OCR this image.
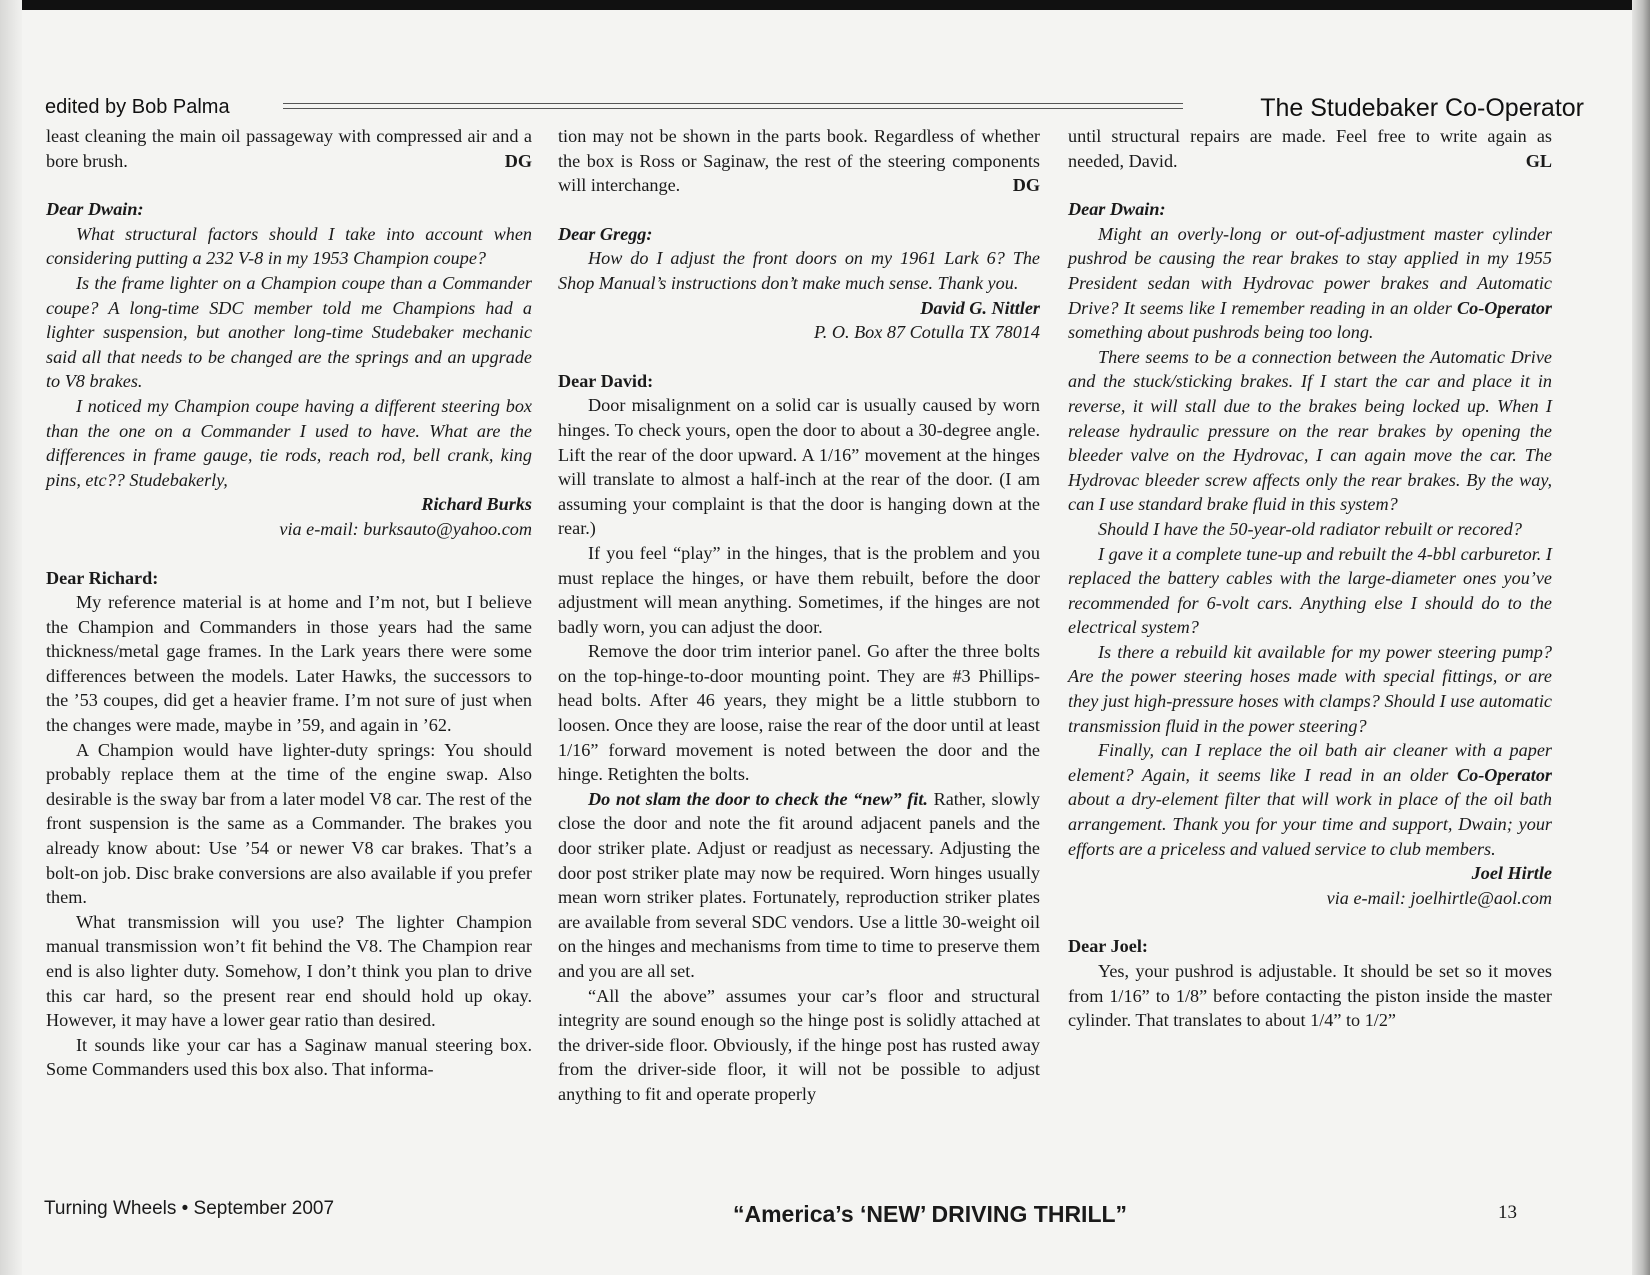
edited by Bob Palma	The Studebaker Co-Operator

least cleaning the main oil passageway with compressed air and a bore brush.	DG

Dear Dwain:

What structural factors should I take into account when considering putting a 232 V-8 in my 1953 Champion coupe?

Is the frame lighter on a Champion coupe than a Commander coupe? A long-time SDC member told me Champions had a lighter suspension, but another long-time Studebaker mechanic said all that needs to be changed are the springs and an upgrade to V8 brakes.

I noticed my Champion coupe having a different steering box than the one on a Commander I used to have. What are the differences in frame gauge, tie rods, reach rod, bell crank, king pins, etc?? Studebakerly,

Richard Burks

via e-mail: burksauto@yahoo.com

Dear Richard:

My reference material is at home and I’m not, but I believe the Champion and Commanders in those years had the same thickness/metal gage frames. In the Lark years there were some differences between the models. Later Hawks, the successors to the ’53 coupes, did get a heavier frame. I’m not sure of just when the changes were made, maybe in ’59, and again in ’62.

A Champion would have lighter-duty springs: You should probably replace them at the time of the engine swap. Also desirable is the sway bar from a later model V8 car. The rest of the front suspension is the same as a Commander. The brakes you already know about: Use ’54 or newer V8 car brakes. That’s a bolt-on job. Disc brake conversions are also available if you prefer them.

What transmission will you use? The lighter Champion manual transmission won’t fit behind the V8. The Champion rear end is also lighter duty. Somehow, I don’t think you plan to drive this car hard, so the present rear end should hold up okay. However, it may have a lower gear ratio than desired.

It sounds like your car has a Saginaw manual steering box. Some Commanders used this box also. That informa-

tion may not be shown in the parts book. Regardless of whether the box is Ross or Saginaw, the rest of the steering components will interchange.	DG

Dear Gregg:

How do I adjust the front doors on my 1961 Lark 6? The Shop Manual’s instructions don’t make much sense. Thank you.

David G. Nittler

P. O. Box 87 Cotulla TX 78014

Dear David:

Door misalignment on a solid car is usually caused by worn hinges. To check yours, open the door to about a 30-degree angle. Lift the rear of the door upward. A 1/16” movement at the hinges will translate to almost a half-inch at the rear of the door. (I am assuming your complaint is that the door is hanging down at the rear.)

If you feel “play” in the hinges, that is the problem and you must replace the hinges, or have them rebuilt, before the door adjustment will mean anything. Sometimes, if the hinges are not badly worn, you can adjust the door.

Remove the door trim interior panel. Go after the three bolts on the top-hinge-to-door mounting point. They are #3 Phillips-head bolts. After 46 years, they might be a little stubborn to loosen. Once they are loose, raise the rear of the door until at least 1/16” forward movement is noted between the door and the hinge. Retighten the bolts.

Do not slam the door to check the “new” fit. Rather, slowly close the door and note the fit around adjacent panels and the door striker plate. Adjust or readjust as necessary. Adjusting the door post striker plate may now be required. Worn hinges usually mean worn striker plates. Fortunately, reproduction striker plates are available from several SDC vendors. Use a little 30-weight oil on the hinges and mechanisms from time to time to preserve them and you are all set.

“All the above” assumes your car’s floor and structural integrity are sound enough so the hinge post is solidly attached at the driver-side floor. Obviously, if the hinge post has rusted away from the driver-side floor, it will not be possible to adjust anything to fit and operate properly

until structural repairs are made. Feel free to write again as needed, David.	GL

Dear Dwain:

Might an overly-long or out-of-adjustment master cylinder pushrod be causing the rear brakes to stay applied in my 1955 President sedan with Hydrovac power brakes and Automatic Drive? It seems like I remember reading in an older Co-Operator something about pushrods being too long.

There seems to be a connection between the Automatic Drive and the stuck/sticking brakes. If I start the car and place it in reverse, it will stall due to the brakes being locked up. When I release hydraulic pressure on the rear brakes by opening the bleeder valve on the Hydrovac, I can again move the car. The Hydrovac bleeder screw affects only the rear brakes. By the way, can I use standard brake fluid in this system?

Should I have the 50-year-old radiator rebuilt or recored?

I gave it a complete tune-up and rebuilt the 4-bbl carburetor. I replaced the battery cables with the large-diameter ones you’ve recommended for 6-volt cars. Anything else I should do to the electrical system?

Is there a rebuild kit available for my power steering pump? Are the power steering hoses made with special fittings, or are they just high-pressure hoses with clamps? Should I use automatic transmission fluid in the power steering?

Finally, can I replace the oil bath air cleaner with a paper element? Again, it seems like I read in an older Co-Operator about a dry-element filter that will work in place of the oil bath arrangement. Thank you for your time and support, Dwain; your efforts are a priceless and valued service to club members.

Joel Hirtle

via e-mail: joelhirtle@aol.com

Dear Joel:

Yes, your pushrod is adjustable. It should be set so it moves from 1/16” to 1/8” before contacting the piston inside the master cylinder. That translates to about 1/4” to 1/2”

Turning Wheels • September 2007	“America’s ‘NEW’ DRIVING THRILL”	13
